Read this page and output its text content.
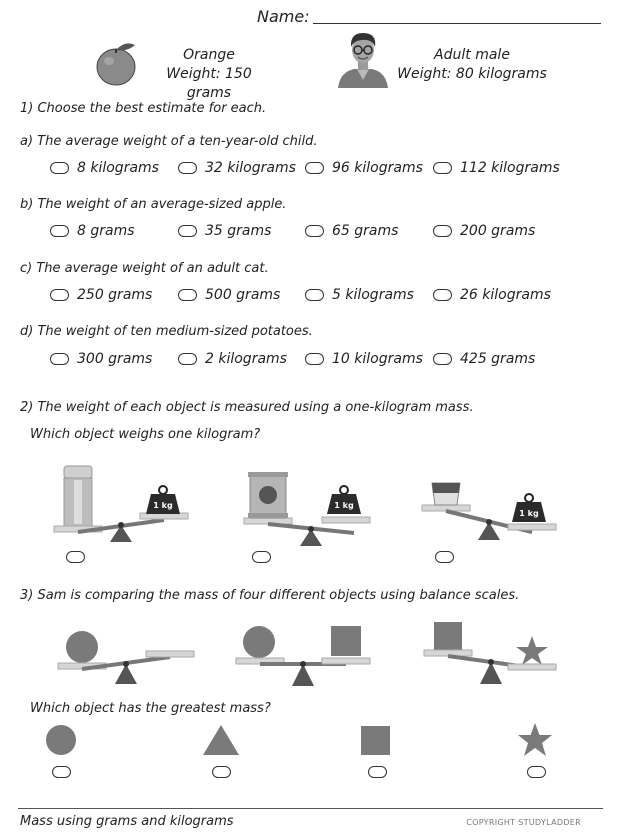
Name:
Orange
Weight: 150 grams
Adult male
Weight: 80 kilograms
1) Choose the best estimate for each.
a) The average weight of a ten-year-old child.
8 kilograms	32 kilograms	96 kilograms	112 kilograms
b) The weight of an average-sized apple.
8 grams	35 grams	65 grams	200 grams
c) The average weight of an adult cat.
250 grams	500 grams	5 kilograms	26 kilograms
d) The weight of ten medium-sized potatoes.
300 grams	2 kilograms	10 kilograms	425 grams
2) The weight of each object is measured using a one-kilogram mass.
Which object weighs one kilogram?
1 kg	1 kg
1 kg
3) Sam is comparing the mass of four different objects using balance scales.
Which object has the greatest mass?
Mass using grams and kilograms	COPYRIGHT STUDYLADDER
